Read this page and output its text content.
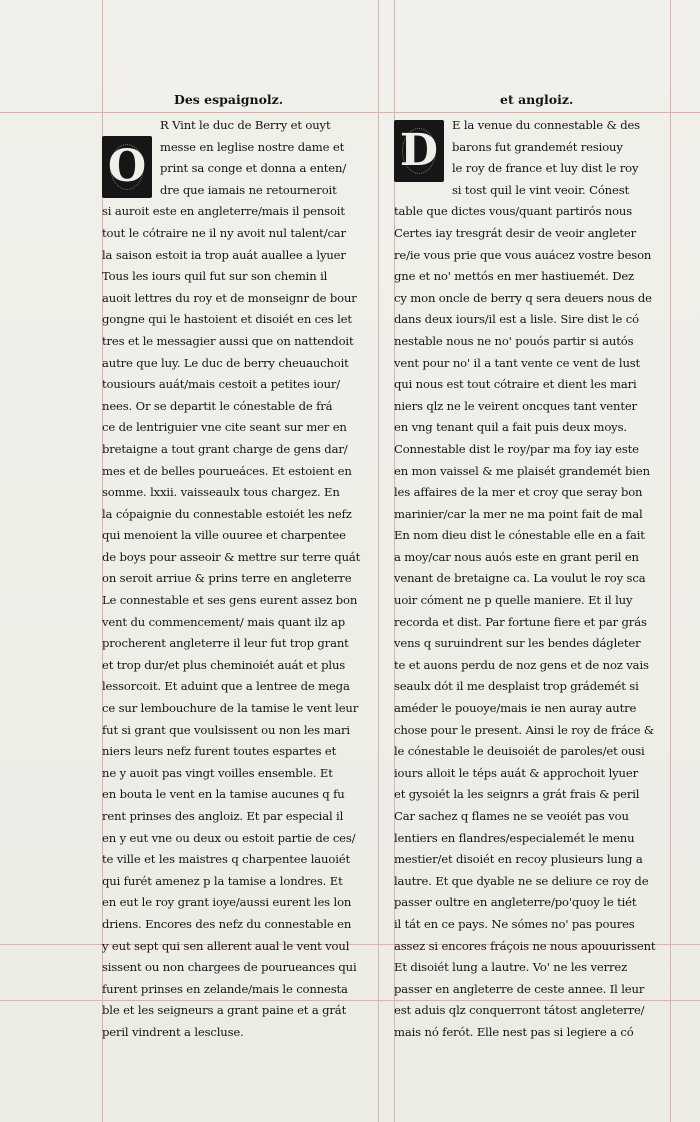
Des espaignolz.	et angloiz.
O	D
R Vint le duc de Berry et ouyt
messe en leglise nostre dame et
print sa conge et donna a enten/
dre que iamais ne retourneroit
si auroit este en angleterre/mais il pensoit
tout le cótraire ne il ny avoit nul talent/car
la saison estoit ia trop auát auallee a lyuer
Tous les iours quil fut sur son chemin il
auoit lettres du roy et de monseignr de bour
gongne qui le hastoient et disoiét en ces let
tres et le messagier aussi que on nattendoit
autre que luy. Le duc de berry cheuauchoit
tousiours auát/mais cestoit a petites iour/
nees. Or se departit le cónestable de frá
ce de lentriguier vne cite seant sur mer en
bretaigne a tout grant charge de gens dar/
mes et de belles pourueáces. Et estoient en
somme. lxxii. vaisseaulx tous chargez. En
la cópaignie du connestable estoiét les nefz
qui menoient la ville ouuree et charpentee
de boys pour asseoir & mettre sur terre quát
on seroit arriue & prins terre en angleterre
Le connestable et ses gens eurent assez bon
vent du commencement/ mais quant ilz ap
procherent angleterre il leur fut trop grant
et trop dur/et plus cheminoiét auát et plus
lessorcoit. Et aduint que a lentree de mega
ce sur lembouchure de la tamise le vent leur
fut si grant que voulsissent ou non les mari
niers leurs nefz furent toutes espartes et
ne y auoit pas vingt voilles ensemble. Et
en bouta le vent en la tamise aucunes q fu
rent prinses des angloiz. Et par especial il
en y eut vne ou deux ou estoit partie de ces/
te ville et les maistres q charpentee lauoiét
qui furét amenez p la tamise a londres. Et
en eut le roy grant ioye/aussi eurent les lon
driens. Encores des nefz du connestable en
y eut sept qui sen allerent aual le vent voul
sissent ou non chargees de pourueances qui
furent prinses en zelande/mais le connesta
ble et les seigneurs a grant paine et a grát
peril vindrent a lescluse.
E la venue du connestable & des
barons fut grandemét resiouy
le roy de france et luy dist le roy
si tost quil le vint veoir. Cónest
table que dictes vous/quant partirós nous
Certes iay tresgrát desir de veoir angleter
re/ie vous prie que vous auácez vostre beson
gne et no' mettós en mer hastiuemét. Dez
cy mon oncle de berry q sera deuers nous de
dans deux iours/il est a lisle. Sire dist le có
nestable nous ne no' pouós partir si autós
vent pour no' il a tant vente ce vent de lust
qui nous est tout cótraire et dient les mari
niers qlz ne le veirent oncques tant venter
en vng tenant quil a fait puis deux moys.
Connestable dist le roy/par ma foy iay este
en mon vaissel & me plaisét grandemét bien
les affaires de la mer et croy que seray bon
marinier/car la mer ne ma point fait de mal
En nom dieu dist le cónestable elle en a fait
a moy/car nous auós este en grant peril en
venant de bretaigne ca. La voulut le roy sca
uoir cóment ne p quelle maniere. Et il luy
recorda et dist. Par fortune fiere et par grás
vens q suruindrent sur les bendes dágleter
te et auons perdu de noz gens et de noz vais
seaulx dót il me desplaist trop grádemét si
améder le pouoye/mais ie nen auray autre
chose pour le present. Ainsi le roy de fráce &
le cónestable le deuisoiét de paroles/et ousi
iours alloit le téps auát & approchoit lyuer
et gysoiét la les seignrs a grát frais & peril
Car sachez q flames ne se veoiét pas vou
lentiers en flandres/especialemét le menu
mestier/et disoiét en recoy plusieurs lung a
lautre. Et que dyable ne se deliure ce roy de
passer oultre en angleterre/po'quoy le tiét
il tát en ce pays. Ne sómes no' pas poures
assez si encores fráçois ne nous apouurissent
Et disoiét lung a lautre. Vo' ne les verrez
passer en angleterre de ceste annee. Il leur
est aduis qlz conquerront tátost angleterre/
mais nó ferót. Elle nest pas si legiere a có
